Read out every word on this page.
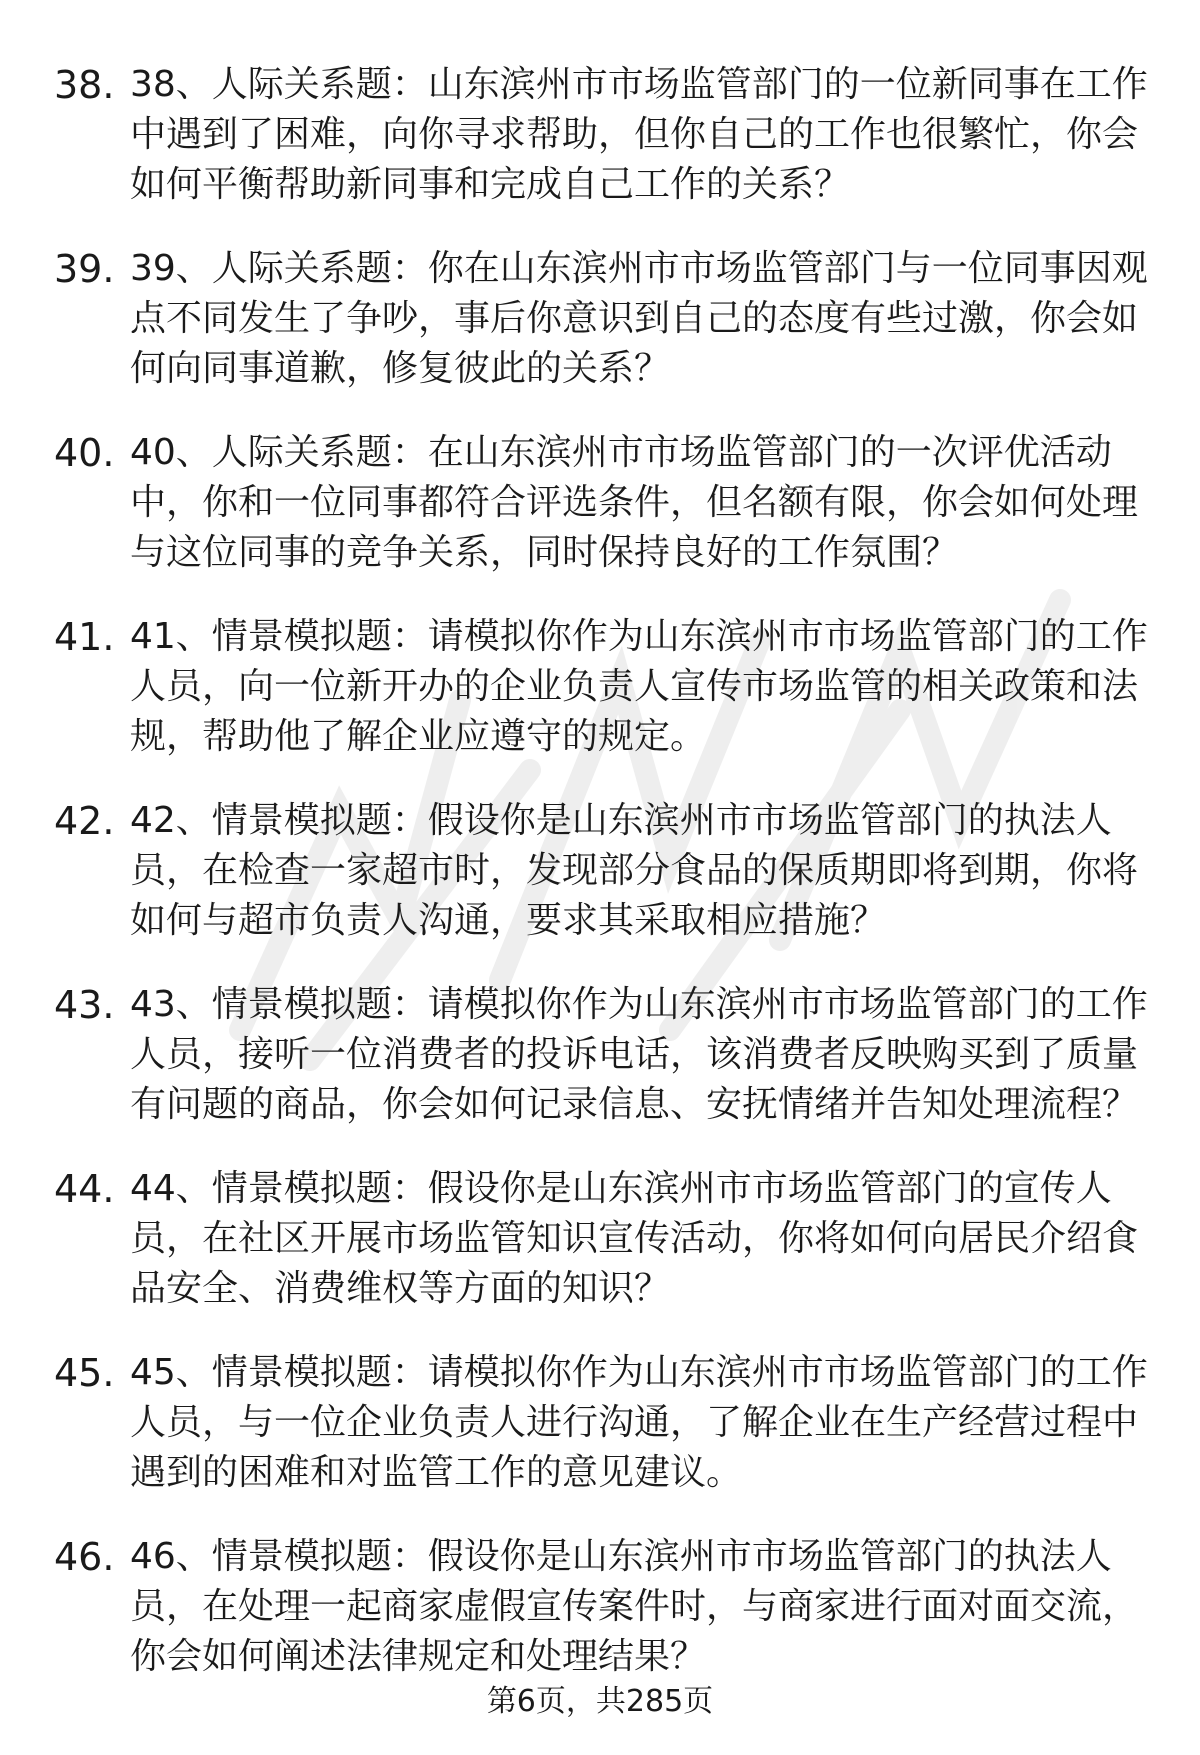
38. 38、人际关系题：山东滨州市市场监管部门的一位新同事在工作
中遇到了困难，向你寻求帮助，但你自己的工作也很繁忙，你会
如何平衡帮助新同事和完成自己工作的关系？

39. 39、人际关系题：你在山东滨州市市场监管部门与一位同事因观
点不同发生了争吵，事后你意识到自己的态度有些过激，你会如
何向同事道歉，修复彼此的关系？

40. 40、人际关系题：在山东滨州市市场监管部门的一次评优活动
中，你和一位同事都符合评选条件，但名额有限，你会如何处理
与这位同事的竞争关系，同时保持良好的工作氛围？

41. 41、情景模拟题：请模拟你作为山东滨州市市场监管部门的工作
人员，向一位新开办的企业负责人宣传市场监管的相关政策和法
规，帮助他了解企业应遵守的规定。

42. 42、情景模拟题：假设你是山东滨州市市场监管部门的执法人
员，在检查一家超市时，发现部分食品的保质期即将到期，你将
如何与超市负责人沟通，要求其采取相应措施？

43. 43、情景模拟题：请模拟你作为山东滨州市市场监管部门的工作
人员，接听一位消费者的投诉电话，该消费者反映购买到了质量
有问题的商品，你会如何记录信息、安抚情绪并告知处理流程？

44. 44、情景模拟题：假设你是山东滨州市市场监管部门的宣传人
员，在社区开展市场监管知识宣传活动，你将如何向居民介绍食
品安全、消费维权等方面的知识？

45. 45、情景模拟题：请模拟你作为山东滨州市市场监管部门的工作
人员，与一位企业负责人进行沟通，了解企业在生产经营过程中
遇到的困难和对监管工作的意见建议。

46. 46、情景模拟题：假设你是山东滨州市市场监管部门的执法人
员，在处理一起商家虚假宣传案件时，与商家进行面对面交流，
你会如何阐述法律规定和处理结果？

第6页，共285页
